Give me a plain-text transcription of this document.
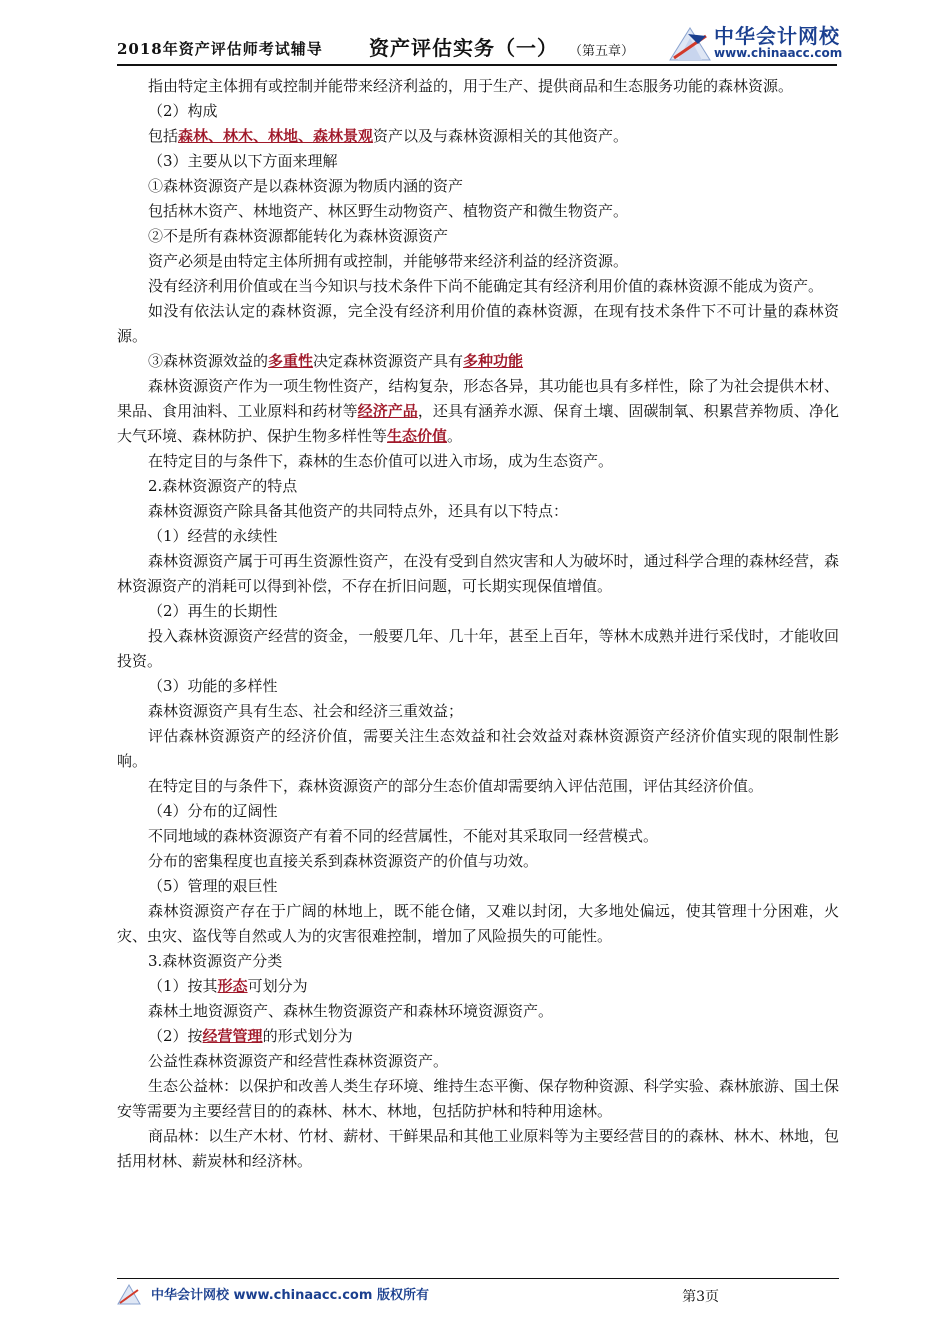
2018年资产评估师考试辅导 资产评估实务（一） （第五章）
中华会计网校
www.chinaacc.com

指由特定主体拥有或控制并能带来经济利益的，用于生产、提供商品和生态服务功能的森林资源。

（2）构成

包括森林、林木、林地、森林景观资产以及与森林资源相关的其他资产。

（3）主要从以下方面来理解

①森林资源资产是以森林资源为物质内涵的资产

包括林木资产、林地资产、林区野生动物资产、植物资产和微生物资产。

②不是所有森林资源都能转化为森林资源资产

资产必须是由特定主体所拥有或控制，并能够带来经济利益的经济资源。

没有经济利用价值或在当今知识与技术条件下尚不能确定其有经济利用价值的森林资源不能成为资产。

如没有依法认定的森林资源，完全没有经济利用价值的森林资源，在现有技术条件下不可计量的森林资源。

③森林资源效益的多重性决定森林资源资产具有多种功能

森林资源资产作为一项生物性资产，结构复杂，形态各异，其功能也具有多样性，除了为社会提供木材、果品、食用油料、工业原料和药材等经济产品，还具有涵养水源、保育土壤、固碳制氧、积累营养物质、净化大气环境、森林防护、保护生物多样性等生态价值。

在特定目的与条件下，森林的生态价值可以进入市场，成为生态资产。

2.森林资源资产的特点

森林资源资产除具备其他资产的共同特点外，还具有以下特点：

（1）经营的永续性

森林资源资产属于可再生资源性资产，在没有受到自然灾害和人为破坏时，通过科学合理的森林经营，森林资源资产的消耗可以得到补偿，不存在折旧问题，可长期实现保值增值。

（2）再生的长期性

投入森林资源资产经营的资金，一般要几年、几十年，甚至上百年，等林木成熟并进行采伐时，才能收回投资。

（3）功能的多样性

森林资源资产具有生态、社会和经济三重效益；

评估森林资源资产的经济价值，需要关注生态效益和社会效益对森林资源资产经济价值实现的限制性影响。

在特定目的与条件下，森林资源资产的部分生态价值却需要纳入评估范围，评估其经济价值。

（4）分布的辽阔性

不同地域的森林资源资产有着不同的经营属性，不能对其采取同一经营模式。

分布的密集程度也直接关系到森林资源资产的价值与功效。

（5）管理的艰巨性

森林资源资产存在于广阔的林地上，既不能仓储，又难以封闭，大多地处偏远，使其管理十分困难，火灾、虫灾、盗伐等自然或人为的灾害很难控制，增加了风险损失的可能性。

3.森林资源资产分类

（1）按其形态可划分为

森林土地资源资产、森林生物资源资产和森林环境资源资产。

（2）按经营管理的形式划分为

公益性森林资源资产和经营性森林资源资产。

生态公益林：以保护和改善人类生存环境、维持生态平衡、保存物种资源、科学实验、森林旅游、国土保安等需要为主要经营目的的森林、林木、林地，包括防护林和特种用途林。

商品林：以生产木材、竹材、薪材、干鲜果品和其他工业原料等为主要经营目的的森林、林木、林地，包括用材林、薪炭林和经济林。

中华会计网校 www.chinaacc.com 版权所有	第3页
